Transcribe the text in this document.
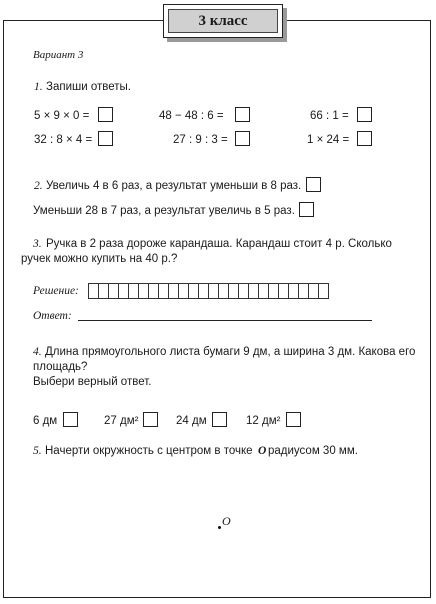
3 класс
Вариант 3
1. Запиши ответы.
5 × 9 × 0 =	48 − 48 : 6 =	66 : 1 =
32 : 8 × 4 =	27 : 9 : 3 =	1 × 24 =
2. Увеличь 4 в 6 раз, а результат уменьши в 8 раз.
Уменьши 28 в 7 раз, а результат увеличь в 5 раз.
3. Ручка в 2 раза дороже карандаша. Карандаш стоит 4 р. Сколько
ручек можно купить на 40 р.?
Решение:
Ответ:
4. Длина прямоугольного листа бумаги 9 дм, а ширина 3 дм. Какова его
площадь?
Выбери верный ответ.
6 дм	27 дм²	24 дм	12 дм²
5. Начерти окружность с центром в точке O радиусом 30 мм.
O
